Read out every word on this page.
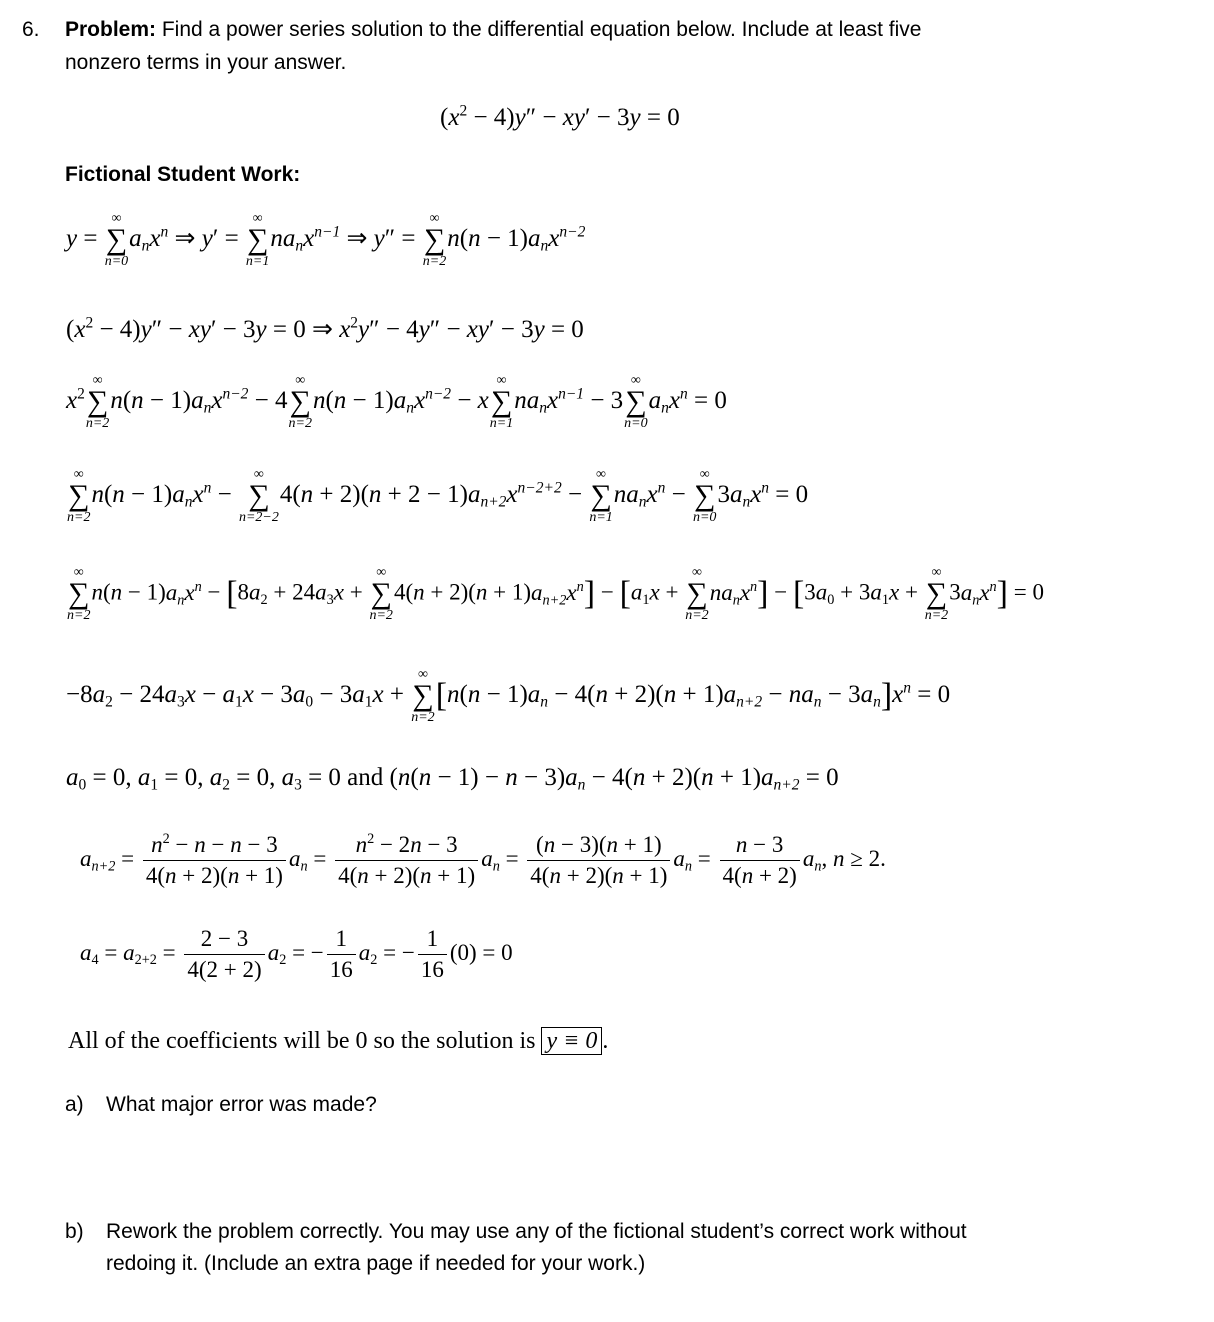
6. Problem: Find a power series solution to the differential equation below. Include at least five
nonzero terms in your answer.
$(x^2 - 4)y'' - xy' - 3y = 0$
Fictional Student Work:
y =
∞
∑
n=0
$a_nx^n$ ⇒ y′ =
∞
∑
n=1
$na_nx^{n-1}$ ⇒ y″ =
∞
∑
n=2
$n(n - 1)a_nx^{n-2}$
$(x^2 - 4)y'' - xy' - 3y = 0$ ⇒ $x^2y'' - 4y'' - xy' - 3y = 0$
$x^2$
∞
∑
n=2
$n(n - 1)a_nx^{n-2} - 4$
∞
∑
n=2
$n(n - 1)a_nx^{n-2} - x$
∞
∑
n=1
$na_nx^{n-1} - 3$
∞
∑
n=0
$a_nx^n = 0$
∞
∑
n=2
$n(n - 1)a_nx^n$ −
∞
∑
n=2−2
$4(n + 2)(n + 2 - 1)a_{n+2}x^{n-2+2}$ −
∞
∑
n=1
$na_nx^n$ −
∞
∑
n=0
$3a_nx^n = 0$
∞
∑
n=2
$n(n - 1)a_nx^n - [8a_2 + 24a_3x$ +
∞
∑
n=2
$4(n + 2)(n + 1)a_{n+2}x^n] - [a_1x$ +
∞
∑
n=2
$na_nx^n] - [3a_0 + 3a_1x$ +
∞
∑
n=2
$3a_nx^n] = 0$
$-8a_2 - 24a_3x - a_1x - 3a_0 - 3a_1x$ +
∞
∑
n=2
$[n(n - 1)a_n - 4(n + 2)(n + 1)a_{n+2} - na_n - 3a_n]x^n = 0$
$a_0 = 0$, $a_1 = 0$, $a_2 = 0$, $a_3 = 0$ and $(n(n - 1) - n - 3)a_n - 4(n + 2)(n + 1)a_{n+2} = 0$
$a_{n+2} = \frac{n^2 - n - n - 3}{4(n + 2)(n + 1)} a_n = \frac{n^2 - 2n - 3}{4(n + 2)(n + 1)} a_n = \frac{(n - 3)(n + 1)}{4(n + 2)(n + 1)} a_n = \frac{n - 3}{4(n + 2)} a_n$, n ≥ 2.
$a_4 = a_{2+2} = \frac{2 - 3}{4(2 + 2)} a_2$ = − $\frac{1}{16} a_2$ = − $\frac{1}{16} (0) = 0$
All of the coefficients will be 0 so the solution is y ≡ 0 .
a) What major error was made?
b) Rework the problem correctly. You may use any of the fictional student’s correct work without
redoing it. (Include an extra page if needed for your work.)
